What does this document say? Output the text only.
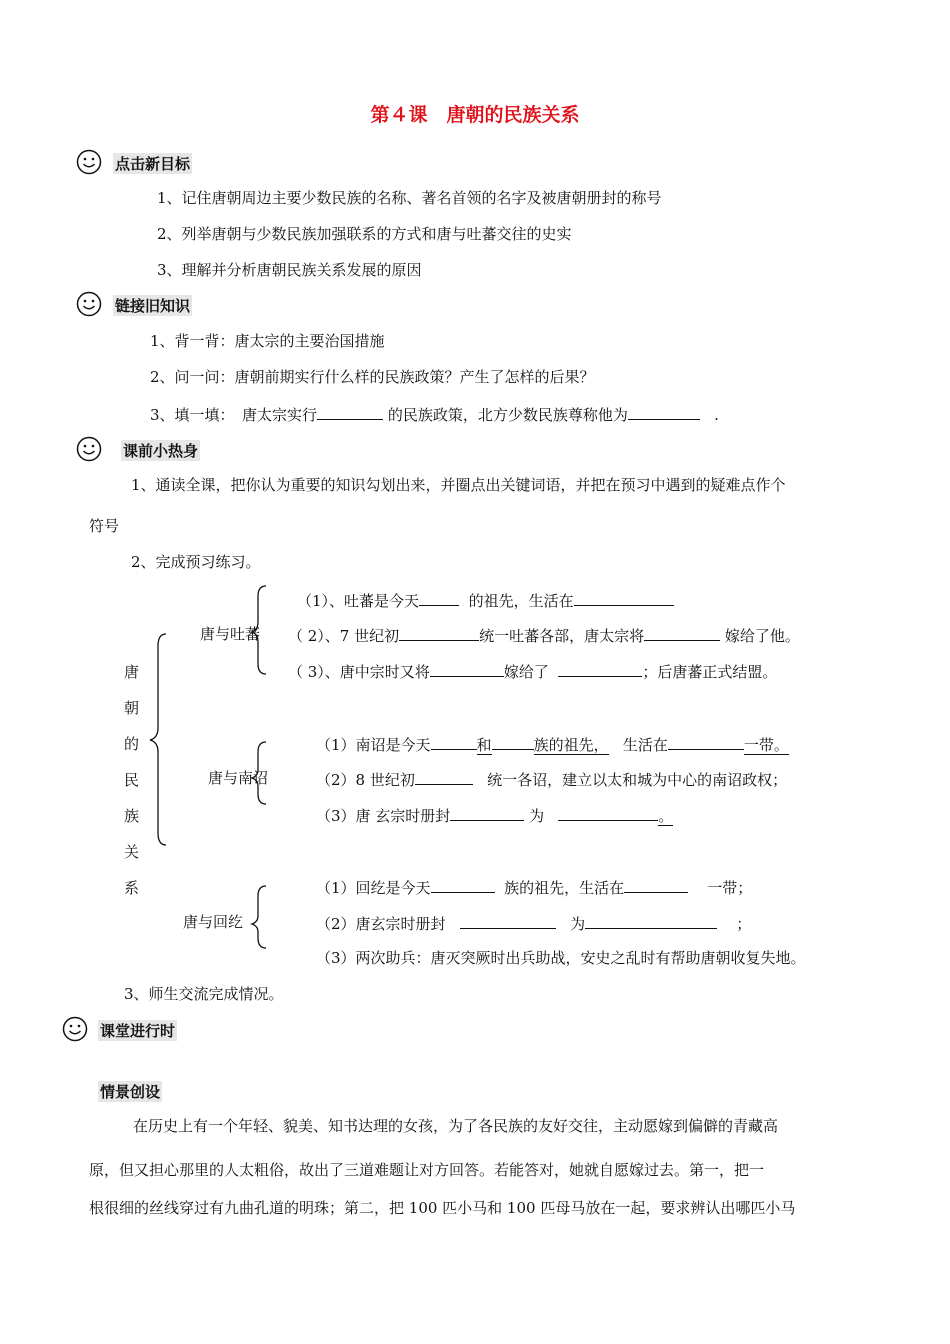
第４课　唐朝的民族关系
点击新目标
1、记住唐朝周边主要少数民族的名称、著名首领的名字及被唐朝册封的称号
2、列举唐朝与少数民族加强联系的方式和唐与吐蕃交往的史实
3、理解并分析唐朝民族关系发展的原因
链接旧知识
1、背一背：唐太宗的主要治国措施
2、问一问：唐朝前期实行什么样的民族政策？产生了怎样的后果？
3、填一填：　唐太宗实行	的民族政策，北方少数民族尊称他为	.
课前小热身
1、通读全课，把你认为重要的知识勾划出来，并圈点出关键词语，并把在预习中遇到的疑难点作个
符号
2、完成预习练习。
唐
朝
的
民
族
关
系
唐与吐蕃
（1）、吐蕃是今天	的祖先，生活在
（ 2）、7 世纪初	统一吐蕃各部，唐太宗将	嫁给了他。
（ 3）、唐中宗时又将	嫁给了	；后唐蕃正式结盟。
唐与南诏
（1）南诏是今天	和	族的祖先， 生活在	一带。
（2）8 世纪初	统一各诏，建立以太和城为中心的南诏政权；
（3）唐 玄宗时册封	为	。
唐与回纥
（1）回纥是今天	族的祖先，生活在	一带；
（2）唐玄宗时册封	为	；
（3）两次助兵：唐灭突厥时出兵助战，安史之乱时有帮助唐朝收复失地。
3、师生交流完成情况。
课堂进行时
情景创设
在历史上有一个年轻、貌美、知书达理的女孩，为了各民族的友好交往，主动愿嫁到偏僻的青藏高
原，但又担心那里的人太粗俗，故出了三道难题让对方回答。若能答对，她就自愿嫁过去。第一，把一
根很细的丝线穿过有九曲孔道的明珠；第二，把 100 匹小马和 100 匹母马放在一起，要求辨认出哪匹小马
